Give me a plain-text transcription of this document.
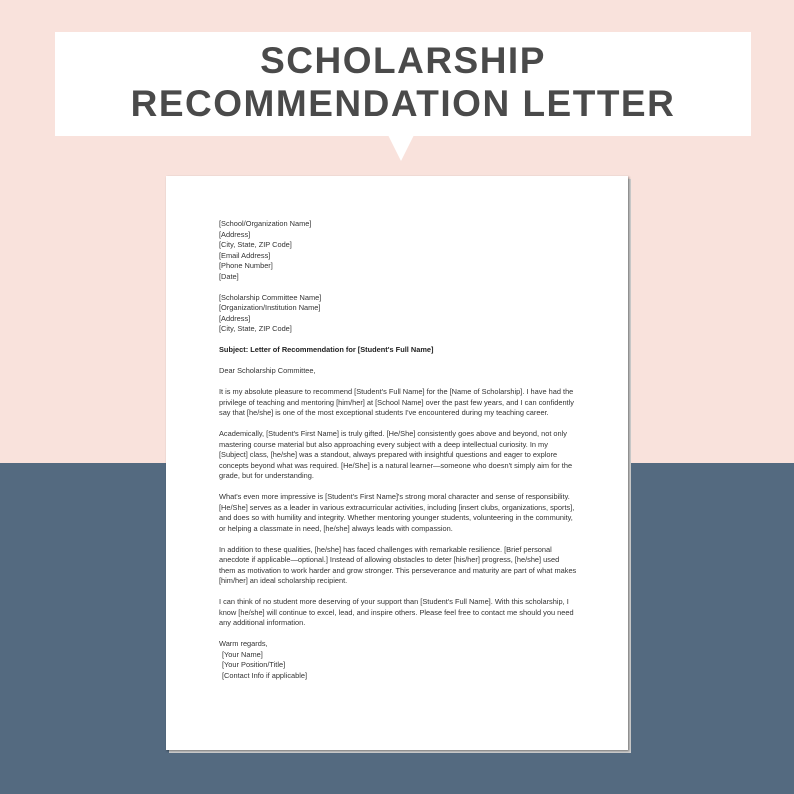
SCHOLARSHIP
RECOMMENDATION LETTER
[School/Organization Name]
[Address]
[City, State, ZIP Code]
[Email Address]
[Phone Number]
[Date]
[Scholarship Committee Name]
[Organization/Institution Name]
[Address]
[City, State, ZIP Code]
Subject: Letter of Recommendation for [Student's Full Name]
Dear Scholarship Committee,

It is my absolute pleasure to recommend [Student's Full Name] for the [Name of Scholarship]. I have had the privilege of teaching and mentoring [him/her] at [School Name] over the past few years, and I can confidently say that [he/she] is one of the most exceptional students I've encountered during my teaching career.

Academically, [Student's First Name] is truly gifted. [He/She] consistently goes above and beyond, not only mastering course material but also approaching every subject with a deep intellectual curiosity. In my [Subject] class, [he/she] was a standout, always prepared with insightful questions and eager to explore concepts beyond what was required. [He/She] is a natural learner—someone who doesn't simply aim for the grade, but for understanding.

What's even more impressive is [Student's First Name]'s strong moral character and sense of responsibility. [He/She] serves as a leader in various extracurricular activities, including [insert clubs, organizations, sports], and does so with humility and integrity. Whether mentoring younger students, volunteering in the community, or helping a classmate in need, [he/she] always leads with compassion.

In addition to these qualities, [he/she] has faced challenges with remarkable resilience. [Brief personal anecdote if applicable—optional.] Instead of allowing obstacles to deter [his/her] progress, [he/she] used them as motivation to work harder and grow stronger. This perseverance and maturity are part of what makes [him/her] an ideal scholarship recipient.

I can think of no student more deserving of your support than [Student's Full Name]. With this scholarship, I know [he/she] will continue to excel, lead, and inspire others. Please feel free to contact me should you need any additional information.

Warm regards,
[Your Name]
[Your Position/Title]
[Contact Info if applicable]
